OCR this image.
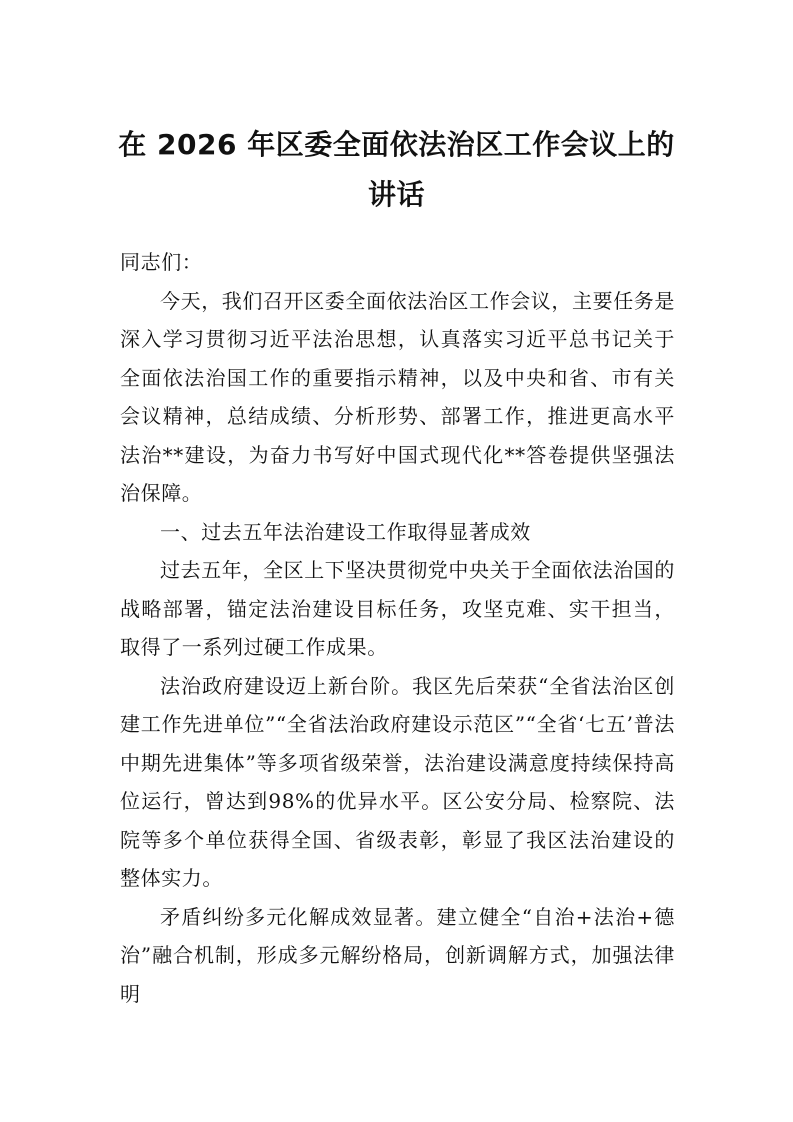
在 2026 年区委全面依法治区工作会议上的讲话

同志们：

今天，我们召开区委全面依法治区工作会议，主要任务是深入学习贯彻习近平法治思想，认真落实习近平总书记关于全面依法治国工作的重要指示精神，以及中央和省、市有关会议精神，总结成绩、分析形势、部署工作，推进更高水平法治**建设，为奋力书写好中国式现代化**答卷提供坚强法治保障。

一、过去五年法治建设工作取得显著成效

过去五年，全区上下坚决贯彻党中央关于全面依法治国的战略部署，锚定法治建设目标任务，攻坚克难、实干担当，取得了一系列过硬工作成果。

法治政府建设迈上新台阶。我区先后荣获“全省法治区创建工作先进单位”“全省法治政府建设示范区”“全省‘七五’普法中期先进集体”等多项省级荣誉，法治建设满意度持续保持高位运行，曾达到98%的优异水平。区公安分局、检察院、法院等多个单位获得全国、省级表彰，彰显了我区法治建设的整体实力。

矛盾纠纷多元化解成效显著。建立健全“自治+法治+德治”融合机制，形成多元解纷格局，创新调解方式，加强法律明
